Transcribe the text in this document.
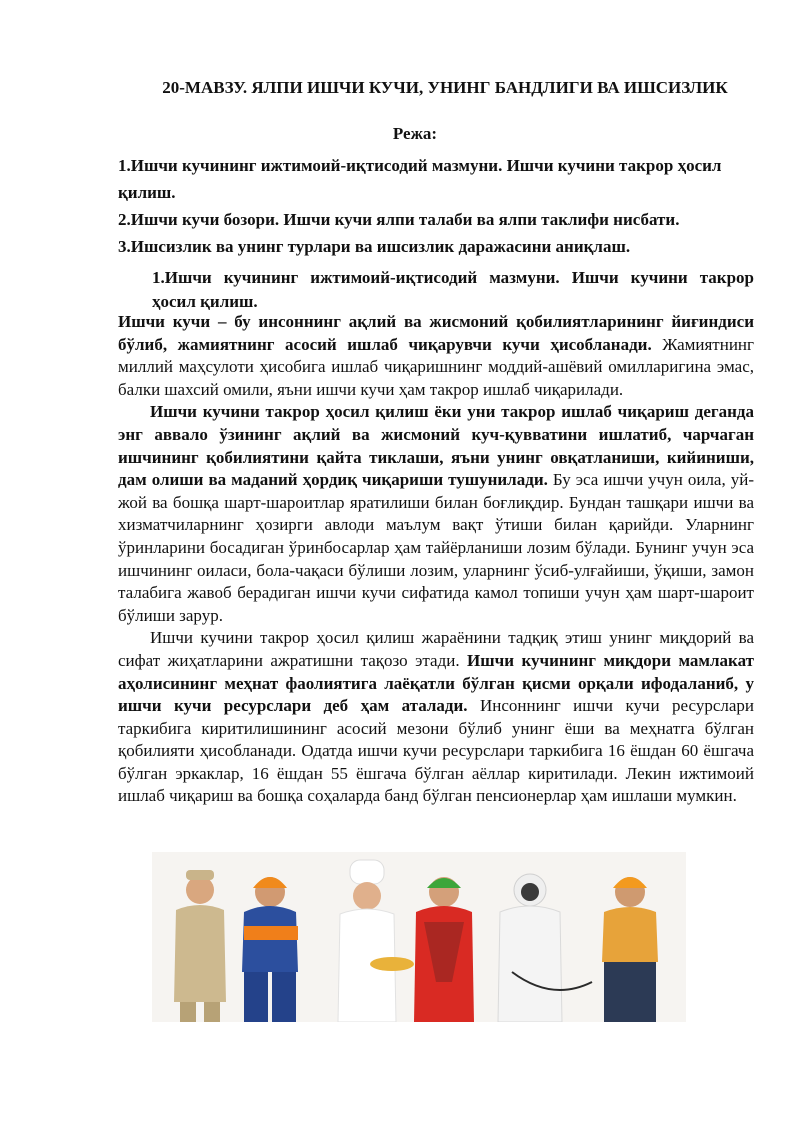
20-МАВЗУ. ЯЛПИ ИШЧИ КУЧИ, УНИНГ БАНДЛИГИ ВА ИШСИЗЛИК

Режа:

1.Ишчи кучининг ижтимоий-иқтисодий мазмуни. Ишчи кучини такрор ҳосил қилиш.
2.Ишчи кучи бозори. Ишчи кучи ялпи талаби ва ялпи таклифи нисбати.
3.Ишсизлик ва унинг турлари ва ишсизлик даражасини аниқлаш.

1.Ишчи кучининг ижтимоий-иқтисодий мазмуни. Ишчи кучини такрор ҳосил қилиш.

Ишчи кучи – бу инсоннинг ақлий ва жисмоний қобилиятларининг йиғиндиси бўлиб, жамиятнинг асосий ишлаб чиқарувчи кучи ҳисобланади. Жамиятнинг миллий маҳсулоти ҳисобига ишлаб чиқаришнинг моддий-ашёвий омилларигина эмас, балки шахсий омили, яъни ишчи кучи ҳам такрор ишлаб чиқарилади.

Ишчи кучини такрор ҳосил қилиш ёки уни такрор ишлаб чиқариш деганда энг аввало ўзининг ақлий ва жисмоний куч-қувватини ишлатиб, чарчаган ишчининг қобилиятини қайта тиклаши, яъни унинг овқатланиши, кийиниши, дам олиши ва маданий ҳордиқ чиқариши тушунилади. Бу эса ишчи учун оила, уй-жой ва бошқа шарт-шароитлар яратилиши билан боғлиқдир. Бундан ташқари ишчи ва хизматчиларнинг ҳозирги авлоди маълум вақт ўтиши билан қарийди. Уларнинг ўринларини босадиган ўринбосарлар ҳам тайёрланиши лозим бўлади. Бунинг учун эса ишчининг оиласи, бола-чақаси бўлиши лозим, уларнинг ўсиб-улғайиши, ўқиши, замон талабига жавоб берадиган ишчи кучи сифатида камол топиши учун ҳам шарт-шароит бўлиши зарур.

Ишчи кучини такрор ҳосил қилиш жараёнини тадқиқ этиш унинг миқдорий ва сифат жиҳатларини ажратишни тақозо этади. Ишчи кучининг миқдори мамлакат аҳолисининг меҳнат фаолиятига лаёқатли бўлган қисми орқали ифодаланиб, у ишчи кучи ресурслари деб ҳам аталади. Инсоннинг ишчи кучи ресурслари таркибига киритилишининг асосий мезони бўлиб унинг ёши ва меҳнатга бўлган қобилияти ҳисобланади. Одатда ишчи кучи ресурслари таркибига 16 ёшдан 60 ёшгача бўлган эркаклар, 16 ёшдан 55 ёшгача бўлган аёллар киритилади. Лекин ижтимоий ишлаб чиқариш ва бошқа соҳаларда банд бўлган пенсионерлар ҳам ишлаши мумкин.
